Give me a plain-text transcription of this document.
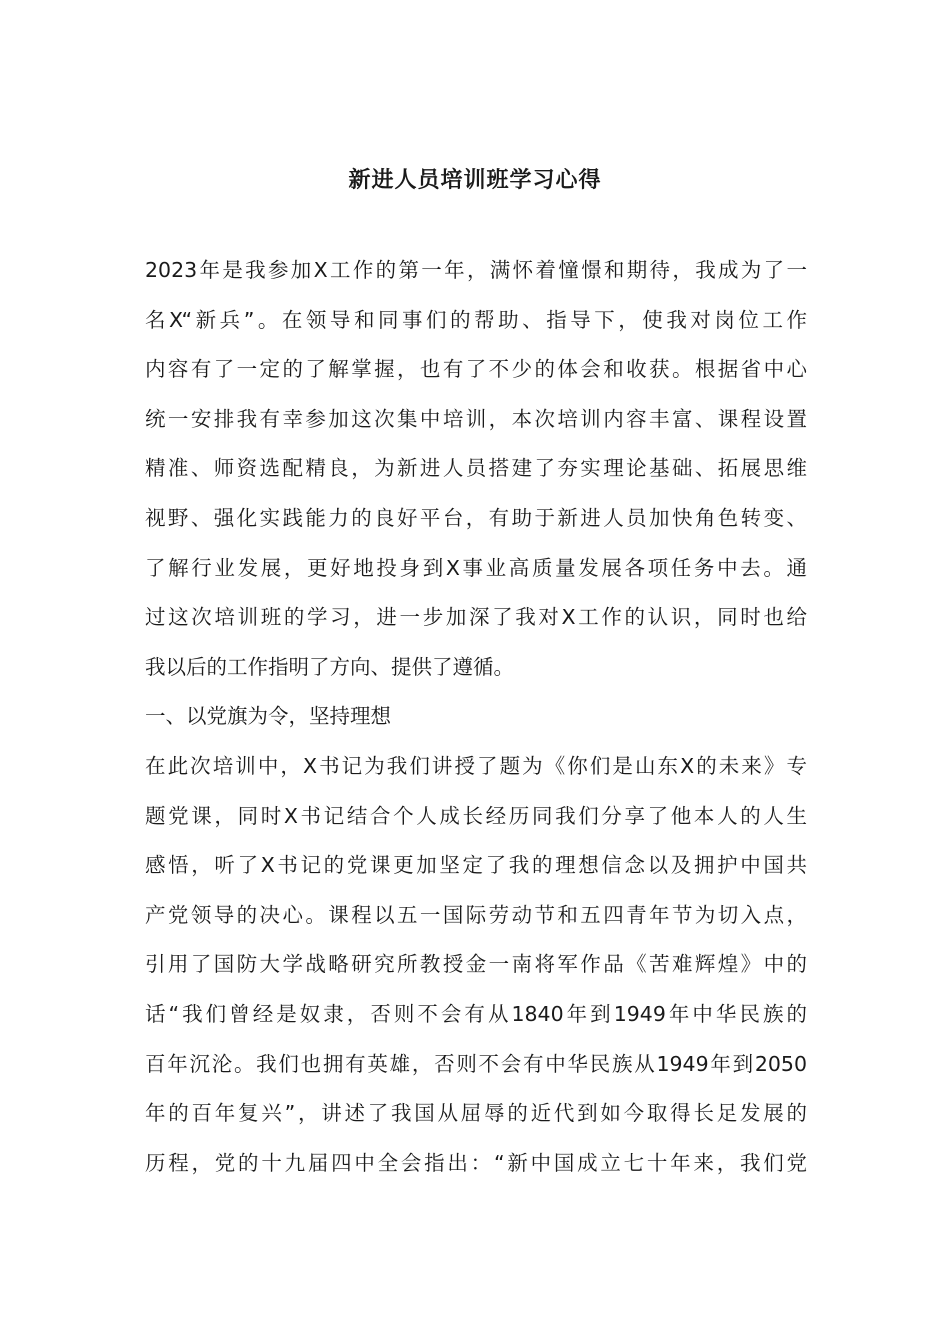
新进人员培训班学习心得
2023年是我参加X工作的第一年，满怀着憧憬和期待，我成为了一
名X“新兵”。在领导和同事们的帮助、指导下，使我对岗位工作
内容有了一定的了解掌握，也有了不少的体会和收获。根据省中心
统一安排我有幸参加这次集中培训，本次培训内容丰富、课程设置
精准、师资选配精良，为新进人员搭建了夯实理论基础、拓展思维
视野、强化实践能力的良好平台，有助于新进人员加快角色转变、
了解行业发展，更好地投身到X事业高质量发展各项任务中去。通
过这次培训班的学习，进一步加深了我对X工作的认识，同时也给
我以后的工作指明了方向、提供了遵循。
一、以党旗为令，坚持理想
在此次培训中，X书记为我们讲授了题为《你们是山东X的未来》专
题党课，同时X书记结合个人成长经历同我们分享了他本人的人生
感悟，听了X书记的党课更加坚定了我的理想信念以及拥护中国共
产党领导的决心。课程以五一国际劳动节和五四青年节为切入点，
引用了国防大学战略研究所教授金一南将军作品《苦难辉煌》中的
话“我们曾经是奴隶，否则不会有从1840年到1949年中华民族的
百年沉沦。我们也拥有英雄，否则不会有中华民族从1949年到2050
年的百年复兴”，讲述了我国从屈辱的近代到如今取得长足发展的
历程，党的十九届四中全会指出：“新中国成立七十年来，我们党
